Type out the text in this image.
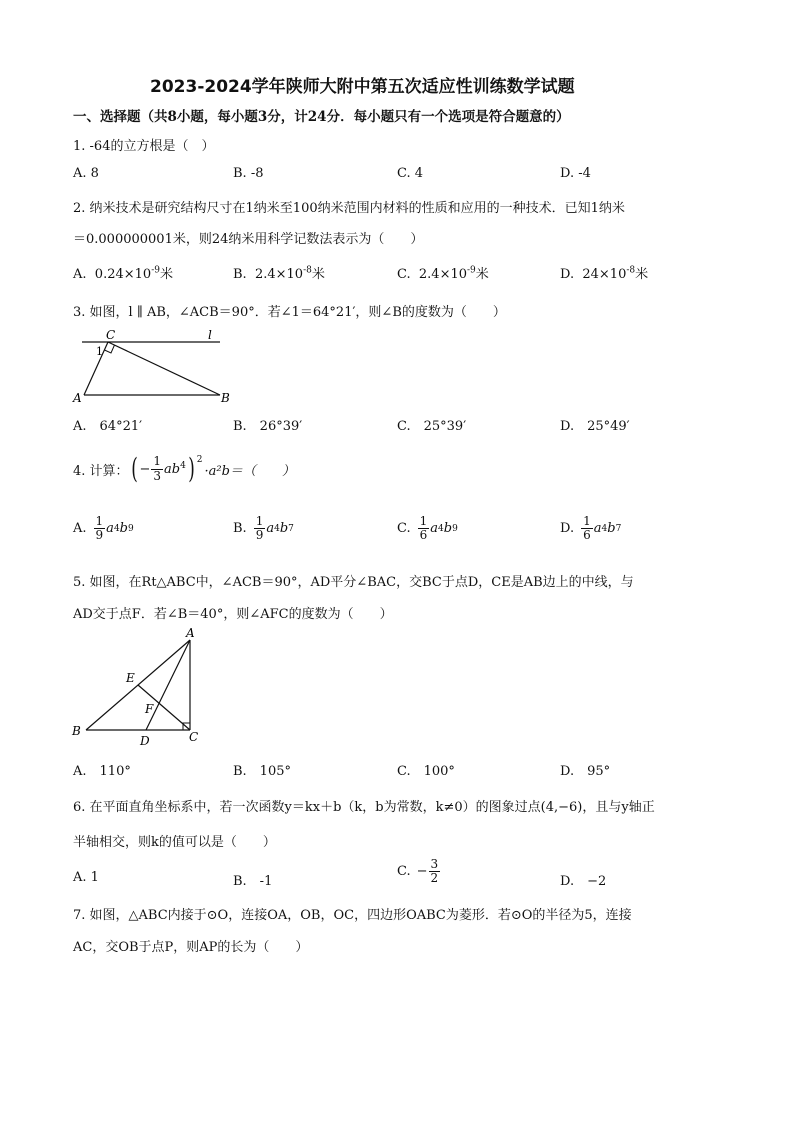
2023-2024学年陕师大附中第五次适应性训练数学试题
一、选择题（共8小题，每小题3分，计24分．每小题只有一个选项是符合题意的）
1. -64的立方根是（　）
A. 8	B. -8	C. 4	D. -4
2. 纳米技术是研究结构尺寸在1纳米至100纳米范围内材料的性质和应用的一种技术．已知1纳米
＝0.000000001米，则24纳米用科学记数法表示为（　　）
A. $0.24\times 10^{-9}$米	B. $2.4\times 10^{-8}$米	C. $2.4\times 10^{-9}$米	D. $24\times 10^{-8}$米
3. 如图，l ∥ AB，∠ACB＝90°．若∠1＝64°21′，则∠B的度数为（　　）
C	l
1
A	B
A.　64°21′	B.　26°39′	C.　25°39′	D.　25°49′
4. 计算： ( − $\frac{1}{3} ab^4$ )$^2$
·a²b＝（　　）
A. $\frac{1}{9}$ a 4 b 9	B. $\frac{1}{9}$ a 4 b 7	C. $\frac{1}{6}$ a 4 b 9	D. $\frac{1}{6}$ a 4 b 7
5. 如图，在Rt△ABC中，∠ACB＝90°，AD平分∠BAC，交BC于点D，CE是AB边上的中线，与
AD交于点F．若∠B＝40°，则∠AFC的度数为（　　）
A
E
F
B
D	C
A.　110°	B.　105°	C.　100°	D.　95°
6. 在平面直角坐标系中，若一次函数y＝kx＋b（k，b为常数，k≠0）的图象过点(4,−6)，且与y轴正
半轴相交，则k的值可以是（　　）
A. 1	B.　-1
C. − $\frac{3}{2}$	D.　−2
7. 如图，△ABC内接于⊙O，连接OA，OB，OC，四边形OABC为菱形．若⊙O的半径为5，连接
AC，交OB于点P，则AP的长为（　　）
